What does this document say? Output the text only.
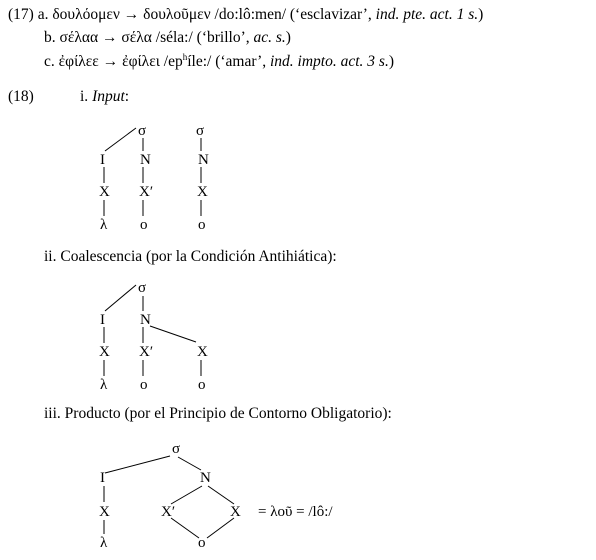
(17) a. δουλόομεν → δουλοῦμεν /do:lô:men/ (‘esclavizar’, ind. pte. act. 1 s.)
b. σέλαα → σέλα /séla:/ (‘brillo’, ac. s.)
c. ἐφίλεε → ἐφίλει $/ep^híle:/$ (‘amar’, ind. impto. act. 3 s.)
(18)	i. Input:
ii. Coalescencia (por la Condición Antihiática):
iii. Producto (por el Principio de Contorno Obligatorio):
σ	σ
I N	N
X X′	X
λ o	o
σ
I N
X X′	X
λ o	o
σ
I	N
X	X′	X
λ	o
= λοῦ = /lô:/
